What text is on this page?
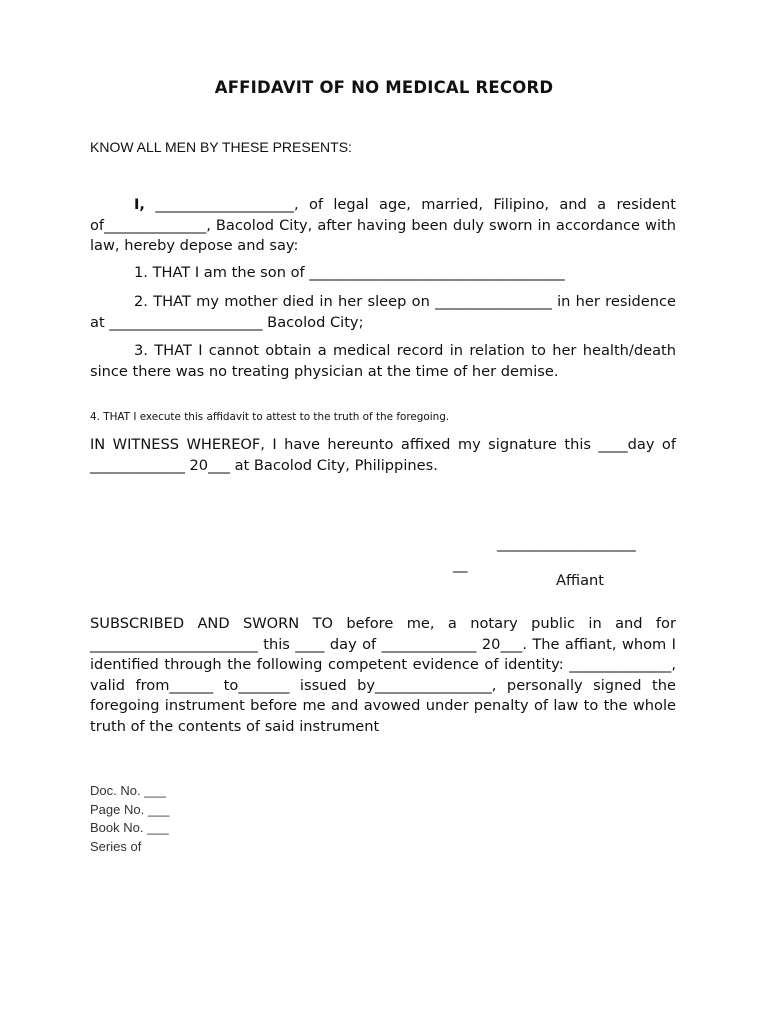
AFFIDAVIT OF NO MEDICAL RECORD
KNOW ALL MEN BY THESE PRESENTS:
I, ___________________, of legal age, married, Filipino, and a resident of______________, Bacolod City, after having been duly sworn in accordance with law, hereby depose and say:
1. THAT I am the son of ___________________________________
2. THAT my mother died in her sleep on ________________ in her residence at _____________________ Bacolod City;
3. THAT I cannot obtain a medical record in relation to her health/death since there was no treating physician at the time of her demise.
4. THAT I execute this affidavit to attest to the truth of the foregoing.
IN WITNESS WHEREOF, I have hereunto affixed my signature this ____day of _____________ 20___ at Bacolod City, Philippines.
___________________
__
Affiant
SUBSCRIBED AND SWORN TO before me, a notary public in and for _______________________ this ____ day of _____________ 20___. The affiant, whom I identified through the following competent evidence of identity: ______________, valid from______ to_______ issued by________________, personally signed the foregoing instrument before me and avowed under penalty of law to the whole truth of the contents of said instrument
Doc. No. ___
Page No. ___
Book No. ___
Series of
